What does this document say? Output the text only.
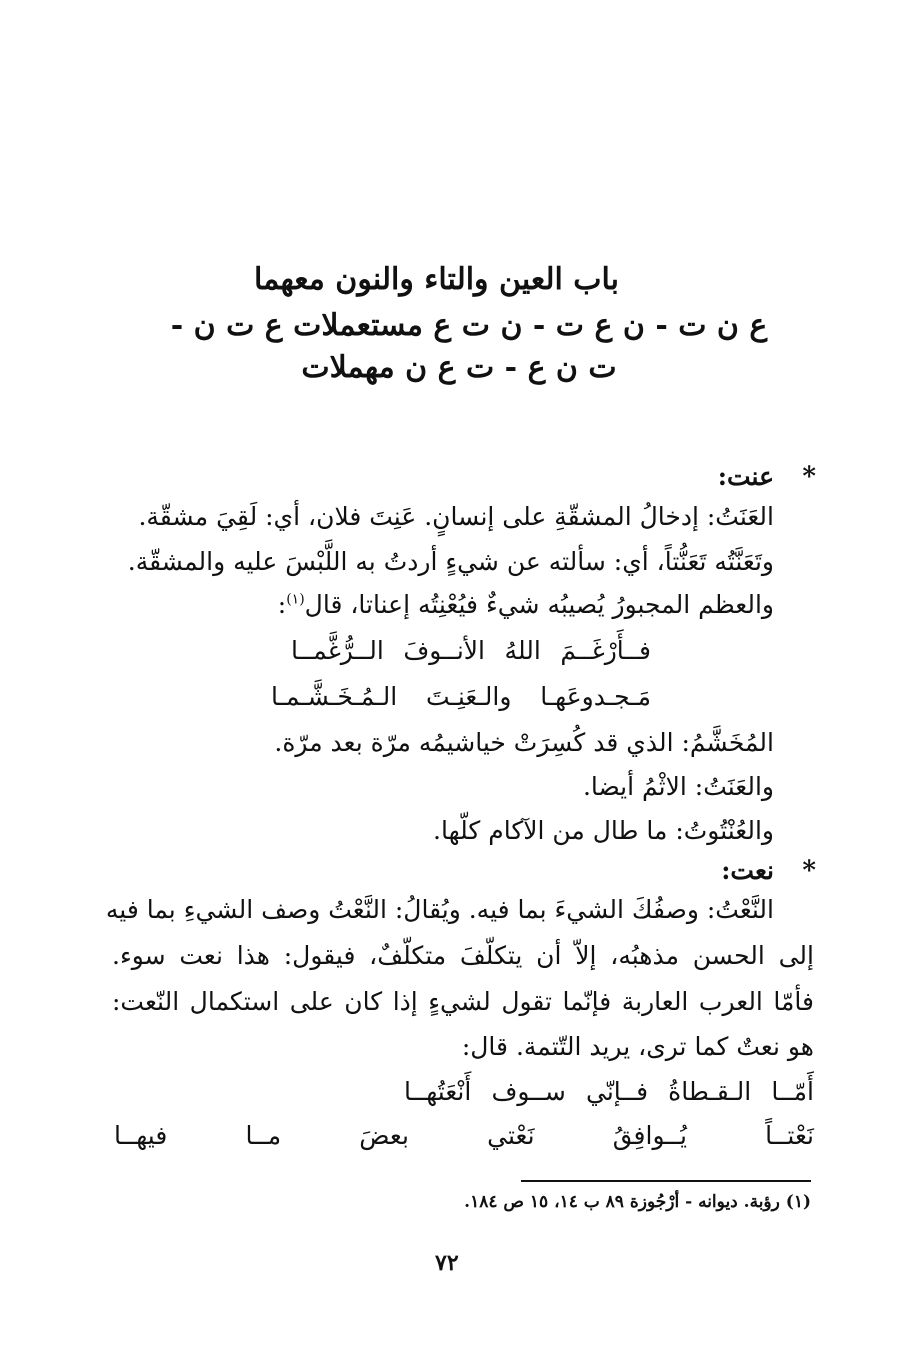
باب العين والتاء والنون معهما
ع ن ت - ن ع ت - ن ت ع مستعملات ع ت ن -
ت ن ع - ت ع ن مهملات
*
عنت:
العَنَتُ: إدخالُ المشقّةِ على إنسانٍ. عَنِتَ فلان، أي: لَقِيَ مشقّة.
وتَعَنَّتُه تَعَنُّتاً، أي: سألته عن شيءٍ أردتُ به اللَّبْسَ عليه والمشقّة.
والعظم المجبورُ يُصيبُه شيءٌ فيُعْنِتُه إعناتا، قال$^{(١)}$:
فــأَرْغَــمَ اللهُ الأنــوفَ الــرُّغَّمــا
مَـجـدوعَهـا والـعَنِـتَ الـمُـخَـشَّـمـا
المُخَشَّمُ: الذي قد كُسِرَتْ خياشيمُه مرّة بعد مرّة.
والعَنَتُ: الاثْمُ أيضا.
والعُنْتُوتُ: ما طال من الآكام كلّها.
*
نعت:
النَّعْتُ: وصفُكَ الشيءَ بما فيه. ويُقالُ: النَّعْتُ وصف الشيءِ بما فيه
إلى الحسن مذهبُه، إلاّ أن يتكلّفَ متكلّفٌ، فيقول: هذا نعت سوء.
فأمّا العرب العاربة فإنّما تقول لشيءٍ إذا كان على استكمال النّعت:
هو نعتٌ كما ترى، يريد التّتمة. قال:
أَمّــا الـقـطاةُ فــإنّي ســوف أَنْعَتُهــا
نَعْتــاً يُــوافِقُ نَعْتي بعضَ مــا فيهــا
(١) رؤبة. ديوانه - أرْجُوزة ٨٩ ب ١٤، ١٥ ص ١٨٤.
٧٢
